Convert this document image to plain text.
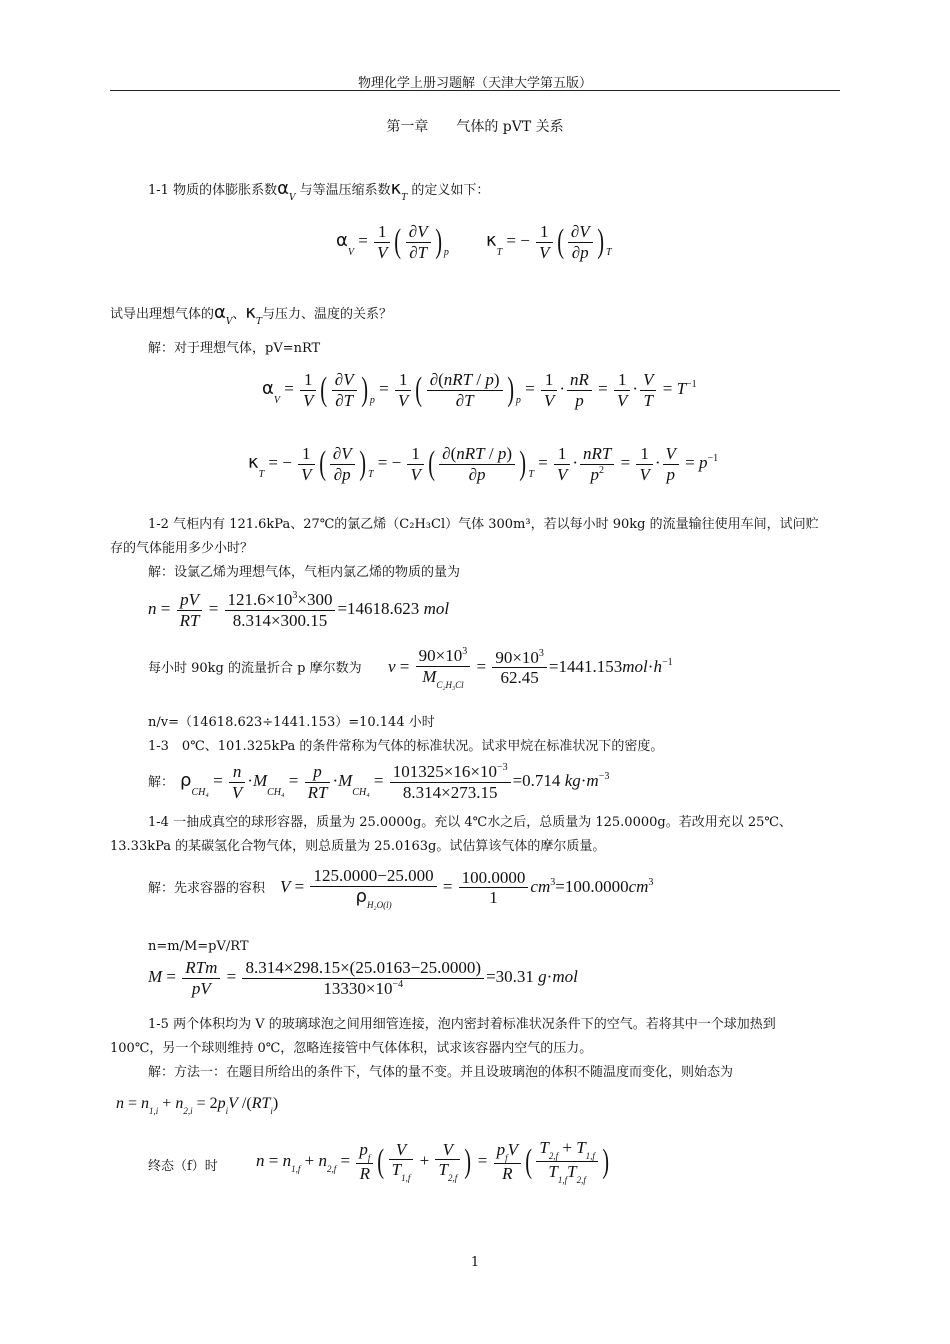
物理化学上册习题解（天津大学第五版）
第一章　　气体的 pVT 关系
1-1 物质的体膨胀系数$\alpha_V$ 与等温压缩系数$\kappa_T$ 的定义如下：
$\alpha_V = \frac{1}{V}$ ( $\frac{\partial V}{\partial T}$ ) $_p$
$\kappa_T$ = − $\frac{1}{V}$ ( $\frac{\partial V}{\partial p}$ ) $_T$
试导出理想气体的$\alpha_V$、$\kappa_T$与压力、温度的关系？
解：对于理想气体，pV=nRT
$\alpha_V = \frac{1}{V}$ ( $\frac{\partial V}{\partial T}$ ) $_p = \frac{1}{V}$ ( $\frac{\text{∂(nRT / p)}}{\partial T}$ ) $_p = \frac{1}{V} \cdot \frac{nR}{p} = \frac{1}{V} \cdot \frac{V}{T} = T^{-1}$
$\kappa_T$ = − $\frac{1}{V}$ ( $\frac{\partial V}{\partial p}$ ) $_T$ = − $\frac{1}{V}$ ( $\frac{\text{∂(nRT / p)}}{\partial p}$ ) $_T = \frac{1}{V} \cdot \frac{\text{nRT}}{p^2} = \frac{1}{V} \cdot \frac{V}{p} = p^{-1}$
1-2 气柜内有 121.6kPa、27℃的氯乙烯（C₂H₃Cl）气体 300m³，若以每小时 90kg 的流量输往使用车间，试问贮
存的气体能用多少小时？
解：设氯乙烯为理想气体，气柜内氯乙烯的物质的量为
$n = \frac{pV}{RT} = \frac{121.6\times 10^3\times 300}{8.314\times 300.15} =14618.623$ mol
每小时 90kg 的流量折合 p 摩尔数为 $v = \frac{90\times 10^3}{M_{C_2H_3Cl}} = \frac{90\times 10^3}{62.45} =1441.153mol\cdot h^{-1}$
n/v=（14618.623÷1441.153）=10.144 小时
1-3　0℃、101.325kPa 的条件常称为气体的标准状况。试求甲烷在标准状况下的密度。
解： $\rho_{CH_4} = \frac{n}{V} \cdot M_{CH_4} = \frac{p}{RT} \cdot M_{CH_4} = \frac{101325\times 16\times 10^{-3}}{8.314\times 273.15} =0.714$ $kg\cdot m^{-3}$
1-4 一抽成真空的球形容器，质量为 25.0000g。充以 4℃水之后，总质量为 125.0000g。若改用充以 25℃、
13.33kPa 的某碳氢化合物气体，则总质量为 25.0163g。试估算该气体的摩尔质量。
解：先求容器的容积 $V = \frac{125.0000-25.000}{\rho_{H_2O(l)}} = \frac{100.0000}{1} cm^3=100.0000cm^3$
n=m/M=pV/RT
$M = \frac{\text{RTm}}{pV} = \frac{8.314\times 298.15\times(25.0163-25.0000)}{13330\times 10^{-4}} =30.31$ g·mol
1-5 两个体积均为 V 的玻璃球泡之间用细管连接，泡内密封着标准状况条件下的空气。若将其中一个球加热到
100℃，另一个球则维持 0℃，忽略连接管中气体体积，试求该容器内空气的压力。
解：方法一：在题目所给出的条件下，气体的量不变。并且设玻璃泡的体积不随温度而变化，则始态为
$n = n_{1,i} + n_{2,i} = 2p_iV$ $/(RT_i)$
终态（f）时 $n = n_{1,f} + n_{2,f} = \frac{p_f}{R}$ ( $\frac{V}{T_{1,f}} + \frac{V}{T_{2,f}}$ ) = $\frac{p_fV}{R}$ ( $\frac{T_{2,f} + T_{1,f}}{T_{1,f}T_{2,f}}$ )
1
